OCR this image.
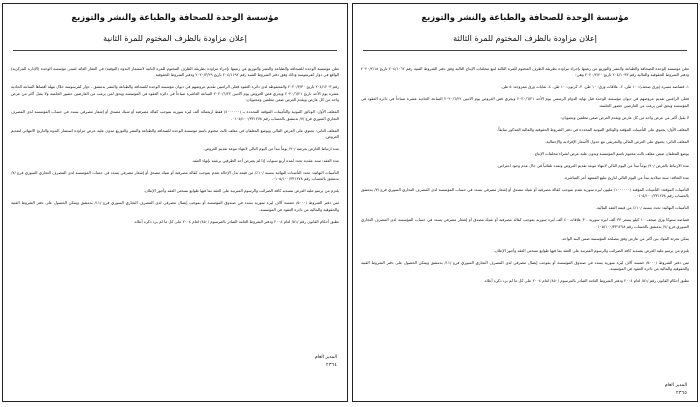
مؤسسة الوحدة للصحافة والطباعة والنشر والتوزيع
إعلان مزاودة بالظرف المختوم للمرة الثانية

تعلن مؤسسة الوحدة للصحافة والطباعة والنشر والتوزيع عن رغبتها بإجراء مزاودة بطريقة الظرف المختوم للمرة الثانية لاستثمار الندوة (البوفيه) في العقار العائد لمبنى مؤسسة الوحدة (الإدارة المركزية) الواقع في دوار كفرسوسة وذلك وفق دفتر الشروط الفنية رقم ٢٠٤/١١٩٢ تاريخ ٢٠٢٠/٣/٢٩ ودفتر الشروط الحقوقية

رقم ٢٠٤/١٢٠٣ تاريخ ٢٠٢٠/٣/٣٠ والمحفوظة لدى دائرة العقود فعلى الراغبين تقديم عروضهم في ديوان مؤسسة الوحدة للصحافة والطباعة والنشر بدمشق - دوار كفرسوسة خلال مهلة أقصاها الساعة الحادية عشرة يوم الأحد تاريخ ٢٠٢٠/٦/٢١ ويجري فض العروض يوم الاثنين ٢٠٢٠/٦/٢٢ الساعة العاشرة صباحاً في دائرة العقود في المؤسسة ويحق لمن يرغب من العارضين حضور الجلسة ولا يقبل أكثر من عرض واحد من كل عارض ويقدم العرض ضمن مغلفين ومحتويان:

المغلف الأول: الوثائق الثبوتية والتأمينات المؤقتة المحددة بـ /٤٠٠٠٠٠٠/ فقط اربعمائة ألف ليرة سورية بموجب كفالة مصرفية أو شيك مصدق أو إشعار مصرفي يسدد في حساب المؤسسة لدى المصرف التجاري السوري فرع /٧/ بدمشق بالحساب رقم ٠١٠٥/١٠٠/٣٣١٢٧٨.

المغلف الثاني: يحتوي على العرض المالي ويوضع المغلفان في مغلف ثالث مختوم باسم مؤسسة الوحدة للصحافة والطباعة والنشر والتوزيع مدون عليه عرض مزاودة استثمار الندوة والتاريخ الانتهائي لتقديم العروض.

مدة ارتباط العارض بعرضه /٩٠/ يوماً تبدأ من اليوم التالي لانتهاء موعد تقديم العروض.

مدة العقد: سنة عقدية تجدد لمدة أربع سنوات إذا لم يعترض أحد الطرفين برغبته بإنهاء العقد.

التأمينات النهائية: تحدد التأمينات النهائية بنسبة /١٠٪/ من قيمة بدل الإحالة تقدم بموجب كفالة مصرفية أو شيك مصدق أو إشعار مصرفي يسدد في حساب المؤسسة لدى المصرف التجاري السوري فرع /٧/ بدمشق بالحساب رقم ٠١٠٥/١٠٠/٣٣١٢٧٨.

يلتزم من يرسو عليه العرض بتسديد كافة الضرائب والرسوم المترتبة على العقد بما فيها طوابع نسختي العقد وأجور الإعلان.

ثمن دفتر الشروط /٥٠٠٠/ خمسة آلاف ليرة سورية يسدد في صندوق المؤسسة أو بموجب إيصال مصرفي لدى المصرف التجاري السوري فرع /١١/ بدمشق ويمكن الحصول على دفتر الشروط الفنية والحقوقية والمالية من دائرة العقود في المؤسسة.

تطبق أحكام القانون رقم /٥١/ لعام ٢٠٠٤ ودفتر الشروط العامة الصادر بالمرسوم /٤٥٠/ لعام ٢٠٠٤ على كل ما لم يرد ذكره أعلاه.

المدير العام
٢٣٦٤
مؤسسة الوحدة للصحافة والطباعة والنشر والتوزيع
إعلان مزاودة بالظرف المختوم للمرة الثالثة

تعلن مؤسسة الوحدة للصحافة والطباعة والنشر والتوزيع عن رغبتها بإجراء مزاودة بطريقة الظرف المختوم للمرة الثالثة لبيع مخلفات الإنتاج التالية وفق دفتر الشروط الفنية رقم ٢٠٤/١٠٦٢ تاريخ ٢٠٢٠/٢/١٨ ودفتر الشروط الحقوقية والمالية رقم ٢٠٤/١٠٩٣ تاريخ ٢٠٢٠/٢/٢٠ وهي:

١- قصاصة مسرة (ورق صحف): ١٠ طن. ٢- علاقات ورق: ١٠ طن. ٣- كرتون: ١٠ طن. ٤- نفايات ورق ممزوجة: ٥ طن.

فعلى الراغبين تقديم عروضهم في ديوان مؤسسة الوحدة قبل نهاية الدوام الرسمي يوم الأحد ٢٠٢٠/٦/٢١ ويجري فض العروض يوم الاثنين ٢٠٢٠/٦/٢٢ الساعة الحادية عشرة صباحاً في دائرة العقود في المؤسسة ويحق لمن يرغب من العارضين حضور الجلسة.

لا يقبل أكثر من عرض واحد من كل عارض ويقدم العرض ضمن مغلفين ويحتويان:

المغلف الأول: يحتوي على التأمينات المؤقتة والوثائق الثبوتية المحددة في دفتر الشروط الحقوقية والمالية المذكور سابقاً.

المغلف الثاني: يحتوي على العرض المالي والتعريفي مع جدول الأسعار الإفرادية والإجمالية.

يوضع المغلفان ضمن مغلف ثالث مختوم باسم المؤسسة ويدون عليه عرض لشراء مخلفات الإنتاج.

مدة الارتباط بالعرض /٩٠/ يوماً تبدأ من اليوم التالي لانتهاء موعد تقديم العروض وتمدد تلقائياً في حال عدم وجود اعتراض.

مدة التعاقد: سنة ميلادية تبدأ من اليوم التالي لتاريخ تبليغ المتعهد أمر المباشرة.

التأمينات المؤقتة: التأمينات المؤقتة /١٠٠٠٠٠٠/ مليون ليرة سورية تقدم بموجب كفالة مصرفية أو شيك مصدق أو إشعار مصرفي يسدد في حساب المؤسسة لدى المصرف التجاري السوري فرع /٧/ بدمشق بالحساب رقم ٠١٠٥/١٠٠/٣٣١٢٧٨.

التأمينات النهائية: تحدد بنسبة /١٠٪/ من قيمة العقد المالية.

قصاصة ستوكا ورق صحف ١٠ كيلو بسعر ٣٣ ألف ليرة سورية - ٣ علاقات ٤٠ ألف ليرة سورية بموجب كفالة مصرفية أو شيك مصدق أو إشعار مصرفي يسدد في حساب المؤسسة لدى المصرف التجاري السوري فرع /٧/ بدمشق بالحساب رقم ٠١٠٥/١٠٠/٣٣١٢٧٨.

يمكن تجزئة المواد بين أكثر من عارض وفق مصلحة المؤسسة ضمن البند الواحد.

يلتزم من يرسو عليه العرض بتسديد كافة الضرائب والرسوم المترتبة على العقد بما فيها طوابع نسختي العقد وأجور الإعلان.

ثمن دفتر الشروط /٥٠٠٠/ خمسة آلاف ليرة سورية يسدد في صندوق المؤسسة أو بموجب إيصال مصرفي لدى المصرف التجاري السوري فرع /١١/ بدمشق ويمكن الحصول على دفتر الشروط الفنية والحقوقية والمالية من دائرة العقود في المؤسسة.

تطبق أحكام القانون رقم /٥١/ لعام ٢٠٠٤ ودفتر الشروط العامة الصادر بالمرسوم /٤٥٠/ لعام ٢٠٠٤ على كل ما لم يرد ذكره أعلاه.

المدير العام
٢٣٦٥
